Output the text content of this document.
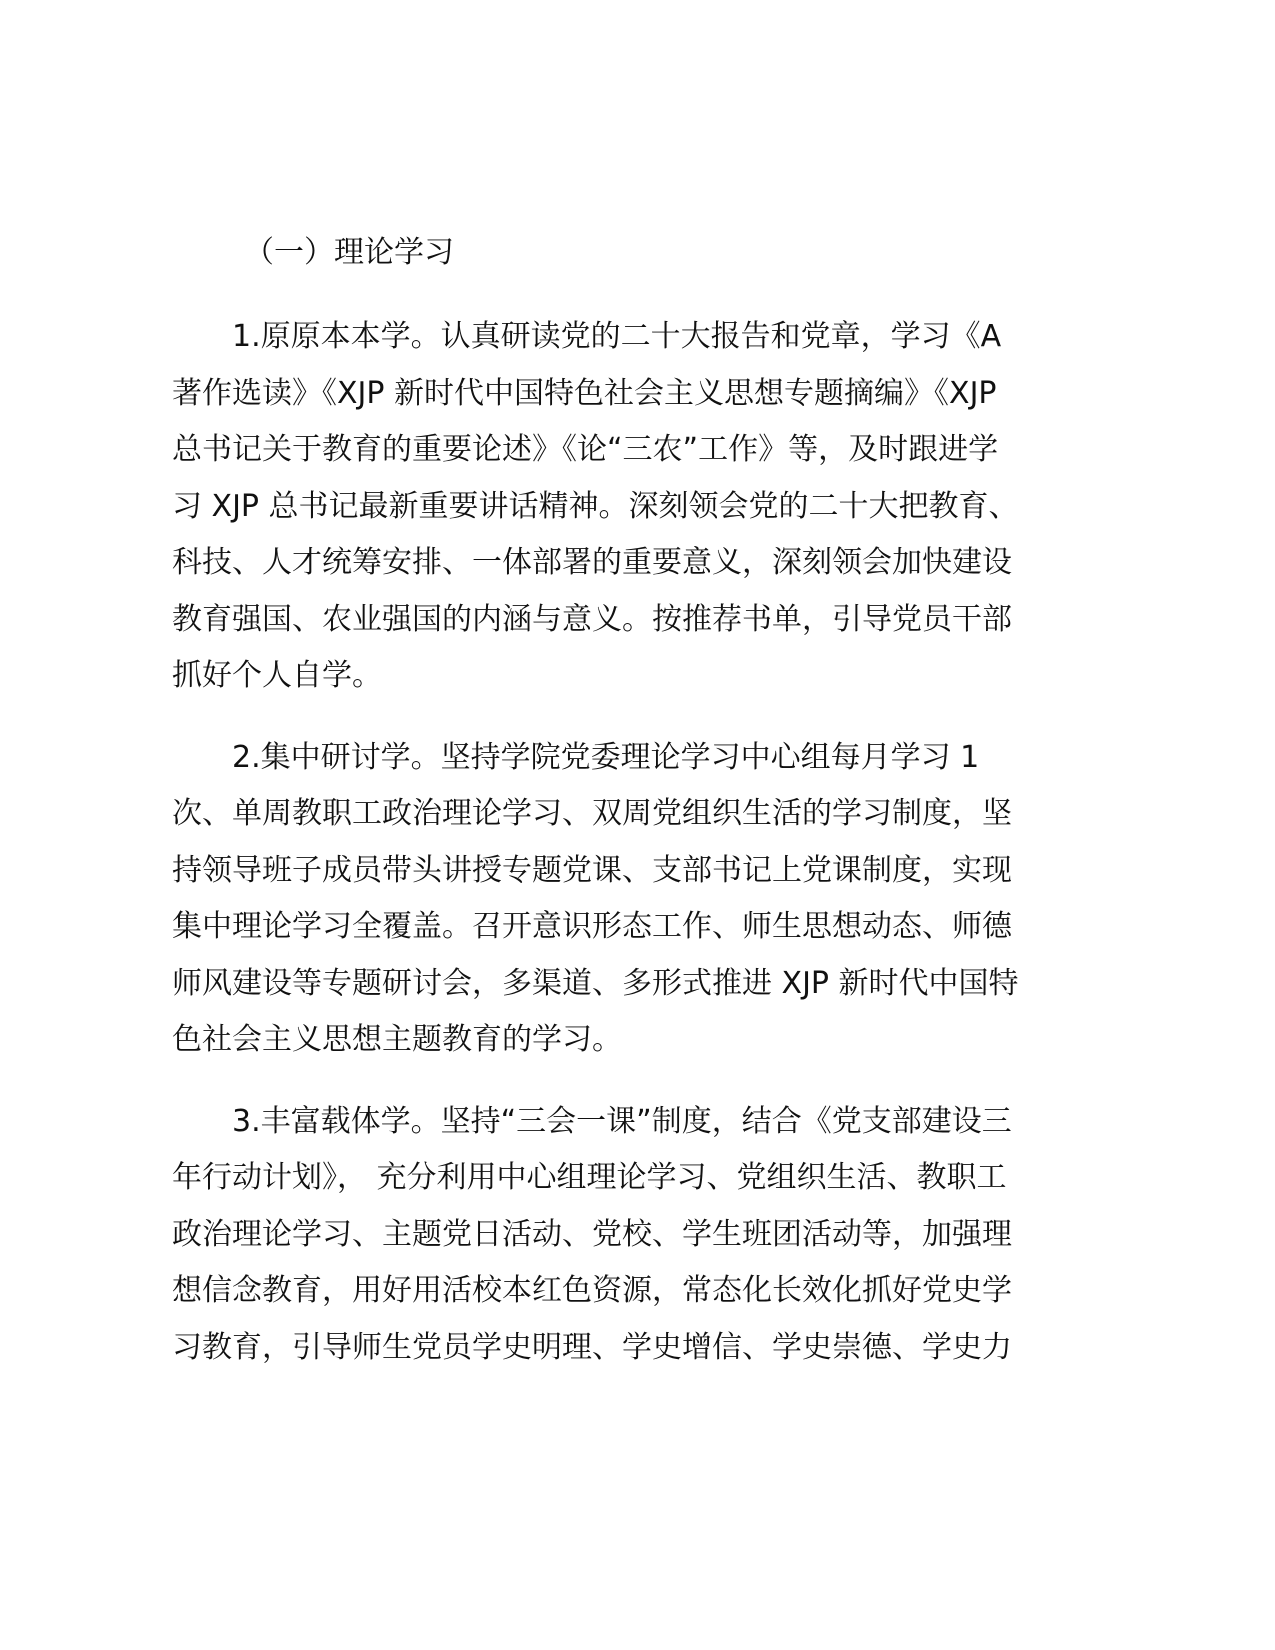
（一）理论学习
1.原原本本学。认真研读党的二十大报告和党章，学习《A
著作选读》《XJP 新时代中国特色社会主义思想专题摘编》《XJP
总书记关于教育的重要论述》《论“三农”工作》等，及时跟进学
习 XJP 总书记最新重要讲话精神。深刻领会党的二十大把教育、
科技、人才统筹安排、一体部署的重要意义，深刻领会加快建设
教育强国、农业强国的内涵与意义。按推荐书单，引导党员干部
抓好个人自学。
2.集中研讨学。坚持学院党委理论学习中心组每月学习 1
次、单周教职工政治理论学习、双周党组织生活的学习制度，坚
持领导班子成员带头讲授专题党课、支部书记上党课制度，实现
集中理论学习全覆盖。召开意识形态工作、师生思想动态、师德
师风建设等专题研讨会，多渠道、多形式推进 XJP 新时代中国特
色社会主义思想主题教育的学习。
3.丰富载体学。坚持“三会一课”制度，结合《党支部建设三
年行动计划》， 充分利用中心组理论学习、党组织生活、教职工
政治理论学习、主题党日活动、党校、学生班团活动等，加强理
想信念教育，用好用活校本红色资源，常态化长效化抓好党史学
习教育，引导师生党员学史明理、学史增信、学史崇德、学史力
